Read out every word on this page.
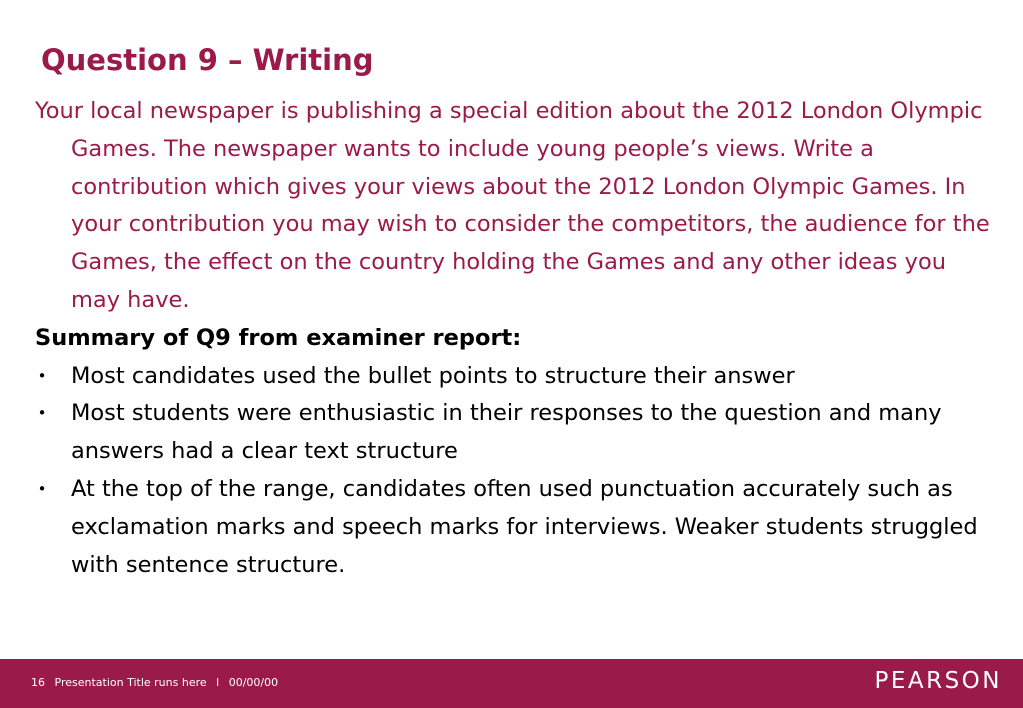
Question 9 – Writing

Your local newspaper is publishing a special edition about the 2012 London Olympic Games. The newspaper wants to include young people’s views. Write a contribution which gives your views about the 2012 London Olympic Games. In your contribution you may wish to consider the competitors, the audience for the Games, the effect on the country holding the Games and any other ideas you may have.

Summary of Q9 from examiner report:

• Most candidates used the bullet points to structure their answer
• Most students were enthusiastic in their responses to the question and many answers had a clear text structure
• At the top of the range, candidates often used punctuation accurately such as exclamation marks and speech marks for interviews. Weaker students struggled with sentence structure.
16 Presentation Title runs here l 00/00/00	PEARSON
